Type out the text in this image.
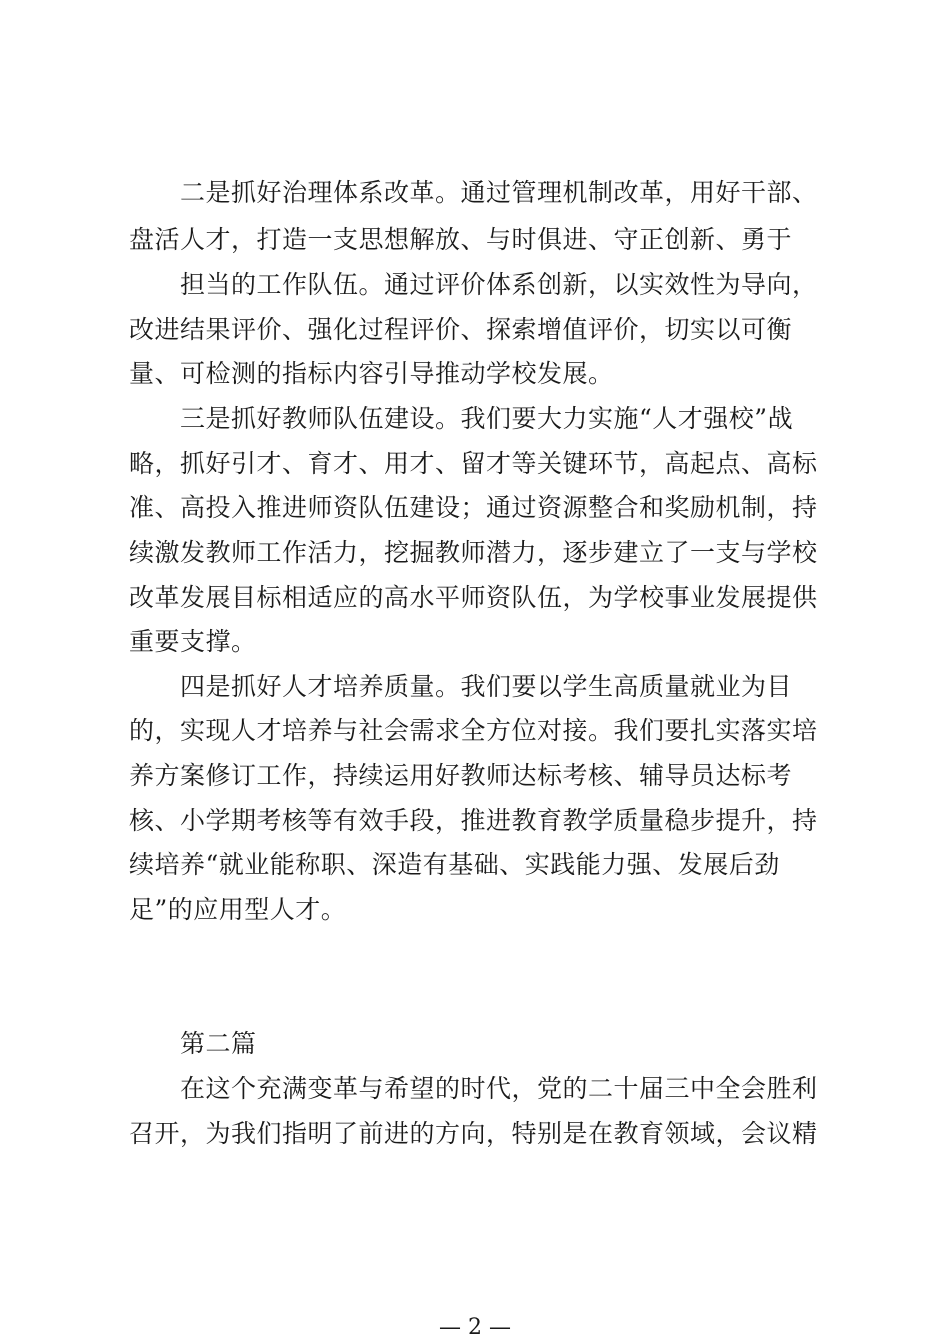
二是抓好治理体系改革。通过管理机制改革，用好干部、
盘活人才，打造一支思想解放、与时俱进、守正创新、勇于
担当的工作队伍。通过评价体系创新，以实效性为导向，
改进结果评价、强化过程评价、探索增值评价，切实以可衡
量、可检测的指标内容引导推动学校发展。
三是抓好教师队伍建设。我们要大力实施“人才强校”战
略，抓好引才、育才、用才、留才等关键环节，高起点、高标
准、高投入推进师资队伍建设；通过资源整合和奖励机制，持
续激发教师工作活力，挖掘教师潜力，逐步建立了一支与学校
改革发展目标相适应的高水平师资队伍，为学校事业发展提供
重要支撑。
四是抓好人才培养质量。我们要以学生高质量就业为目
的，实现人才培养与社会需求全方位对接。我们要扎实落实培
养方案修订工作，持续运用好教师达标考核、辅导员达标考
核、小学期考核等有效手段，推进教育教学质量稳步提升，持
续培养“就业能称职、深造有基础、实践能力强、发展后劲
足”的应用型人才。
第二篇
在这个充满变革与希望的时代，党的二十届三中全会胜利
召开，为我们指明了前进的方向，特别是在教育领域，会议精
— 2 —
